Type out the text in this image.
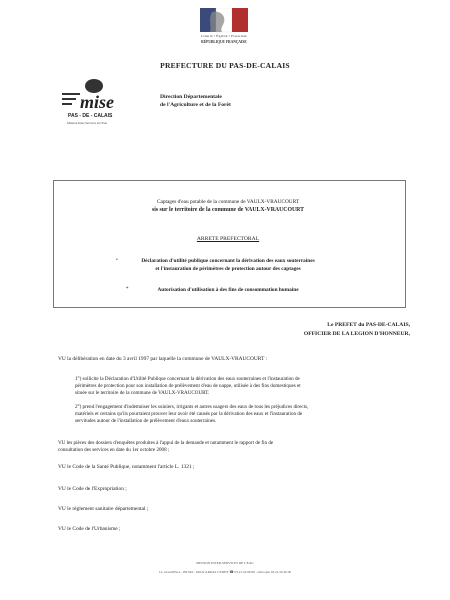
Liberté • Égalité • Fraternité
RÉPUBLIQUE FRANÇAISE
PREFECTURE DU PAS-DE-CALAIS
mise
PAS - DE - CALAIS
Mission Inter-Services de l'Eau
Direction Départementale
de l'Agriculture et de la Forêt
Captages d'eau potable de la commune de VAULX-VRAUCOURT
sis sur le territoire de la commune de VAULX-VRAUCOURT
ARRETE PREFECTORAL
•	Déclaration d'utilité publique concernant la dérivation des eaux souterraines
et l'instauration de périmètres de protection autour des captages
*	Autorisation d'utilisation à des fins de consommation humaine
Le PREFET du PAS-DE-CALAIS,
OFFICIER DE LA LEGION D'HONNEUR,
VU la délibération en date du 3 avril 1997 par laquelle la commune de VAULX-VRAUCOURT :
1°) sollicite la Déclaration d'Utilité Publique concernant la dérivation des eaux souterraines et l'instauration de
périmètres de protection pour son installation de prélèvement d'eau de nappe, utilisée à des fins domestiques et
située sur le territoire de la commune de VAULX-VRAUCOURT.
2°) prend l'engagement d'indemniser les usiniers, irrigants et autres usagers des eaux de tous les préjudices directs,
matériels et certains qu'ils pourraient prouver leur avoir été causés par la dérivation des eaux et l'instauration de
servitudes autour de l'installation de prélèvement d'eaux souterraines.
VU les pièces des dossiers d'enquêtes produites à l'appui de la demande et notamment le rapport de fin de
consultation des services en date du 1er octobre 2008 ;
VU le Code de la Santé Publique, notamment l'article L. 1321 ;
VU le Code de l'Expropriation ;
VU le règlement sanitaire départemental ;
VU le Code de l'Urbanisme ;
MISSION INTER-SERVICES DE L'EAU
12, Grand'Place - BP 942 - 62022 ARRAS CEDEX ☎ 03.21.22.99.99 - télécopie 03.21.50.30.30
